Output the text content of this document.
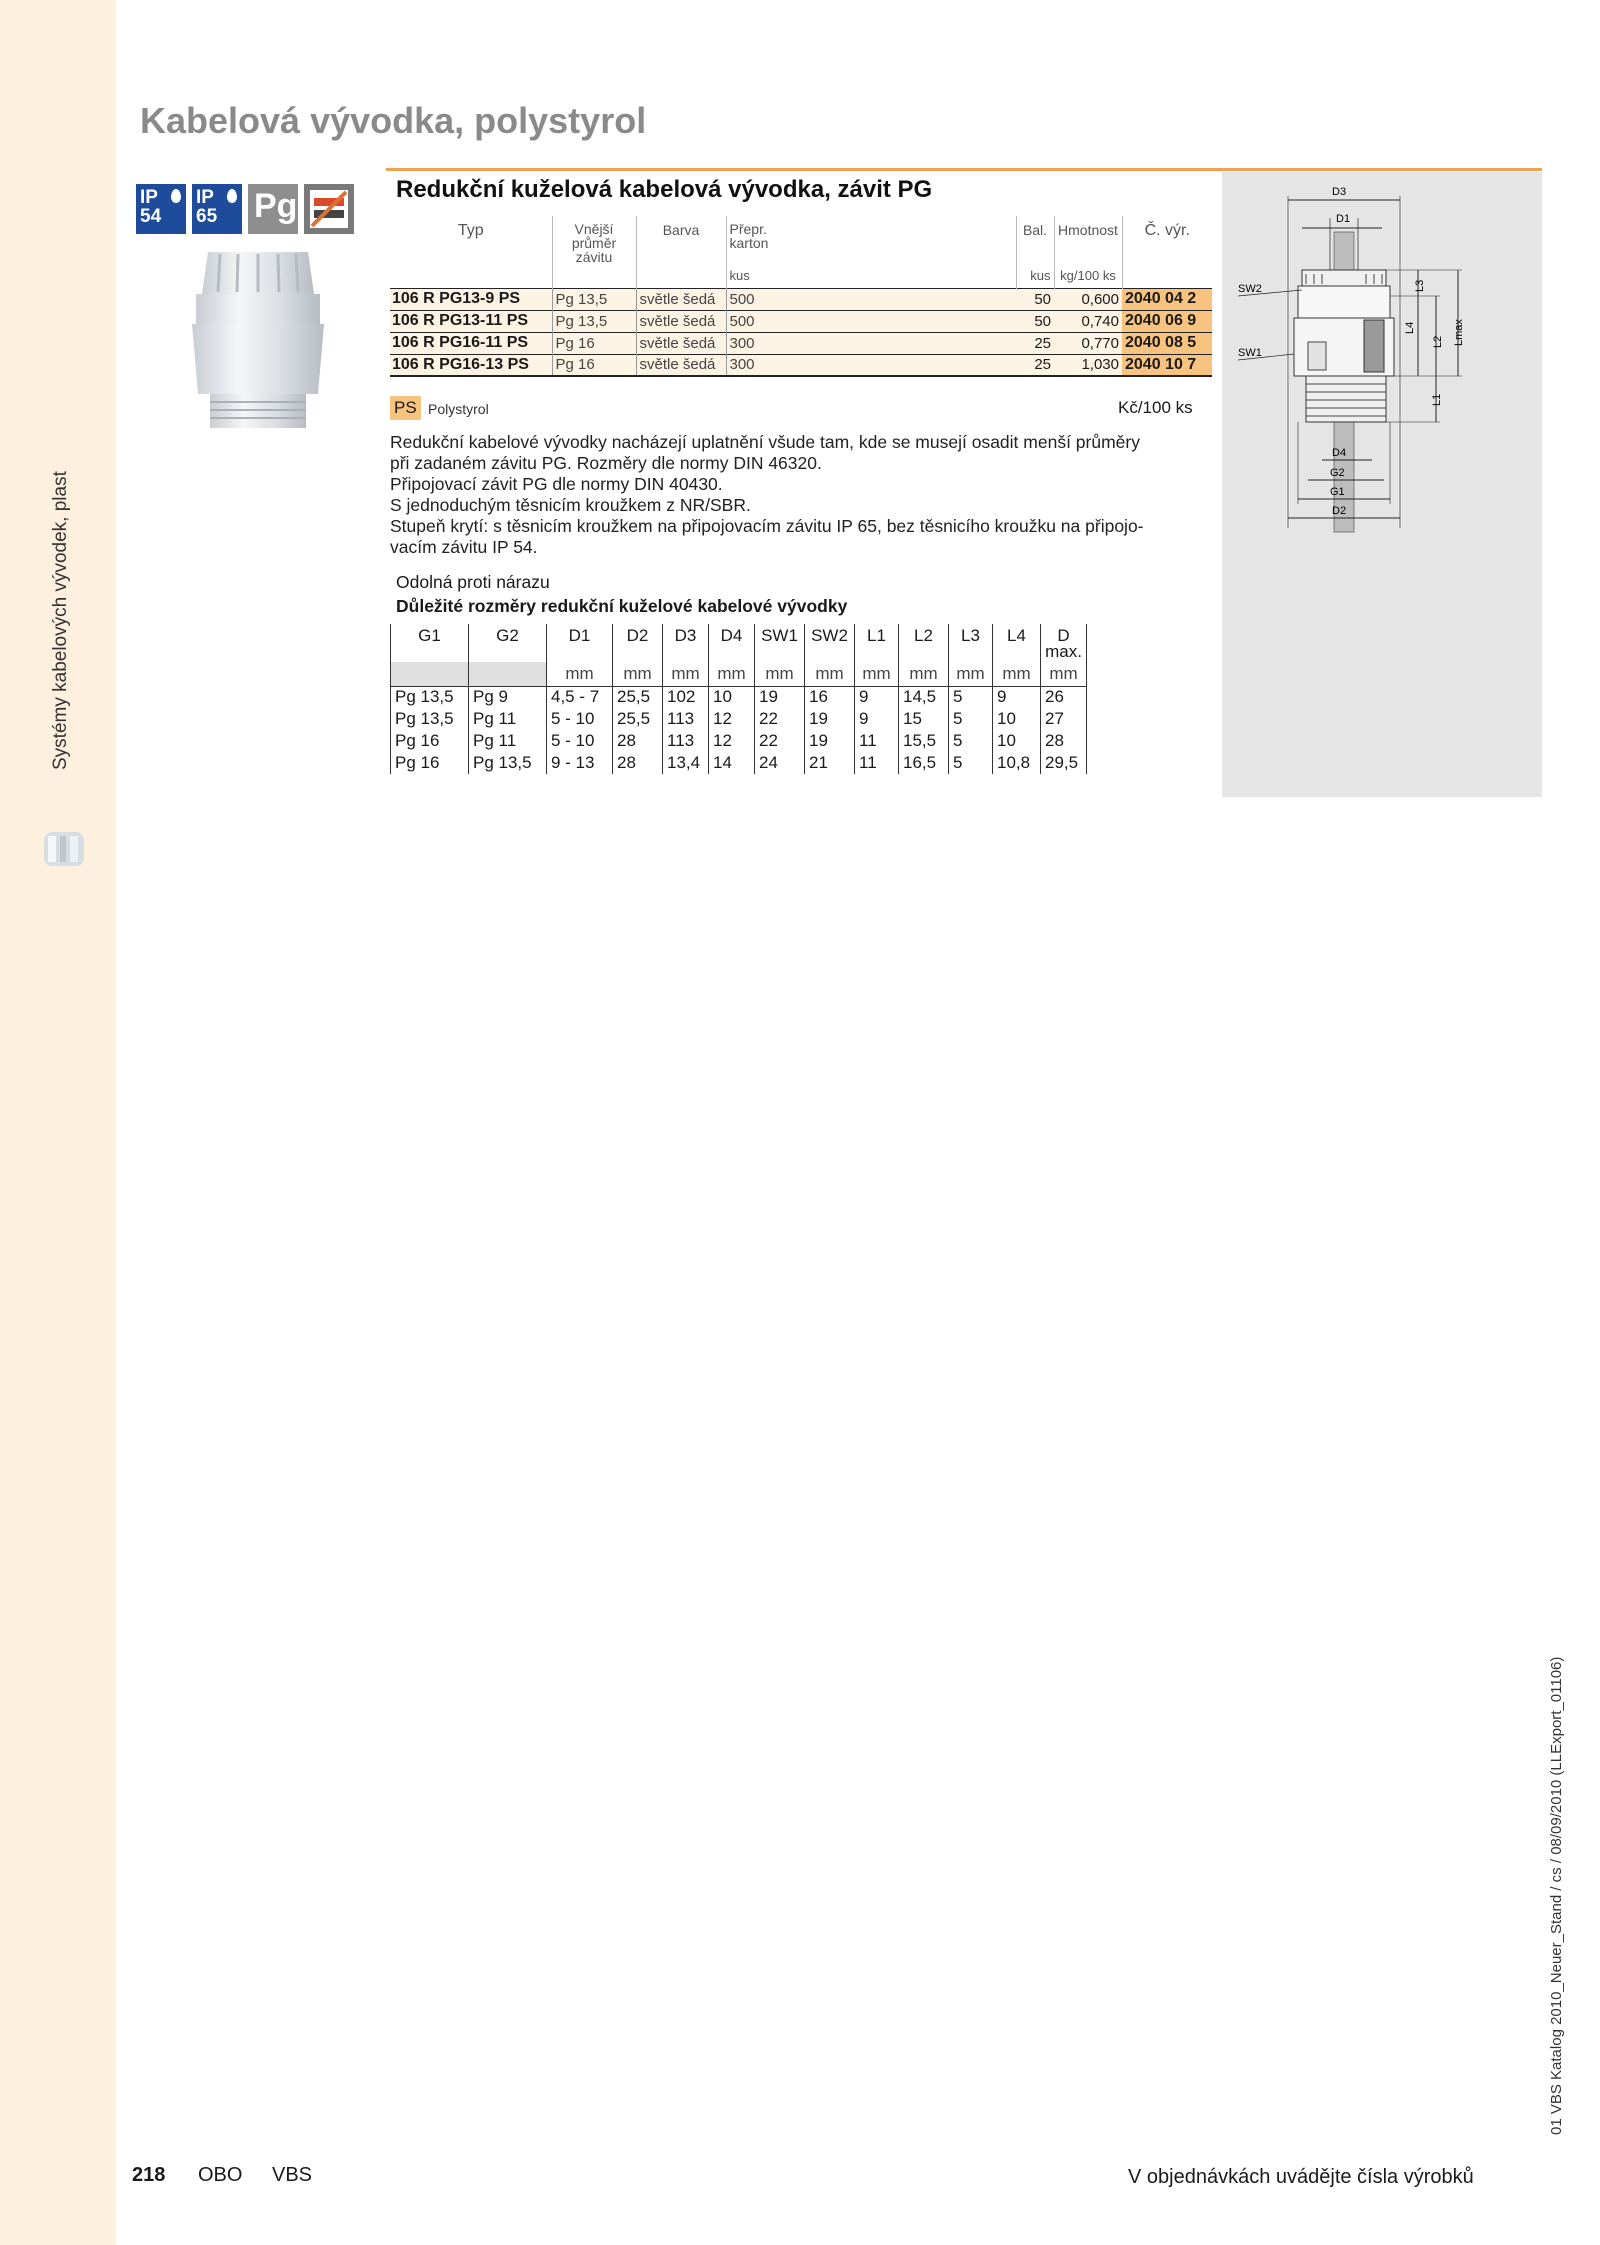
Systémy kabelových vývodek, plast
Kabelová vývodka, polystyrol
IP
54
IP
65	Pg	Redukční kuželová kabelová vývodka, závit PG
Typ	Vnější průměr závitu	Barva	Přepr. karton	Bal.	Hmotnost	Č. výr.
			kus	kus	kg/100 ks	
106 R PG13-9 PS	Pg 13,5	světle šedá	500	50	0,600	2040 04 2
106 R PG13-11 PS	Pg 13,5	světle šedá	500	50	0,740	2040 06 9
106 R PG16-11 PS	Pg 16	světle šedá	300	25	0,770	2040 08 5
106 R PG16-13 PS	Pg 16	světle šedá	300	25	1,030	2040 10 7
PS Polystyrol	Kč/100 ks
Redukční kabelové vývodky nacházejí uplatnění všude tam, kde se musejí osadit menší průměry
při zadaném závitu PG. Rozměry dle normy DIN 46320.
Připojovací závit PG dle normy DIN 40430.
S jednoduchým těsnicím kroužkem z NR/SBR.
Stupeň krytí: s těsnicím kroužkem na připojovacím závitu IP 65, bez těsnicího kroužku na připojo-
vacím závitu IP 54.
Odolná proti nárazu
Důležité rozměry redukční kuželové kabelové vývodky
G1	G2	D1	D2	D3	D4	SW1	SW2	L1	L2	L3	L4	D
max.

		mm	mm	mm	mm	mm	mm	mm	mm	mm	mm	mm
Pg 13,5	Pg 9	4,5 - 7	25,5	102	10	19	16	9	14,5	5	9	26
Pg 13,5	Pg 11	5 - 10	25,5	113	12	22	19	9	15	5	10	27
Pg 16	Pg 11	5 - 10	28	113	12	22	19	11	15,5	5	10	28
Pg 16	Pg 13,5	9 - 13	28	13,4	14	24	21	11	16,5	5	10,8	29,5
D3
D1
SW2
SW1
L3
L4
L2 Lmax
L1
D4
G2
G1
D2
218 OBO VBS	V objednávkách uvádějte čísla výrobků
01 VBS Katalog 2010_Neuer_Stand / cs / 08/09/2010 (LLExport_01106)
